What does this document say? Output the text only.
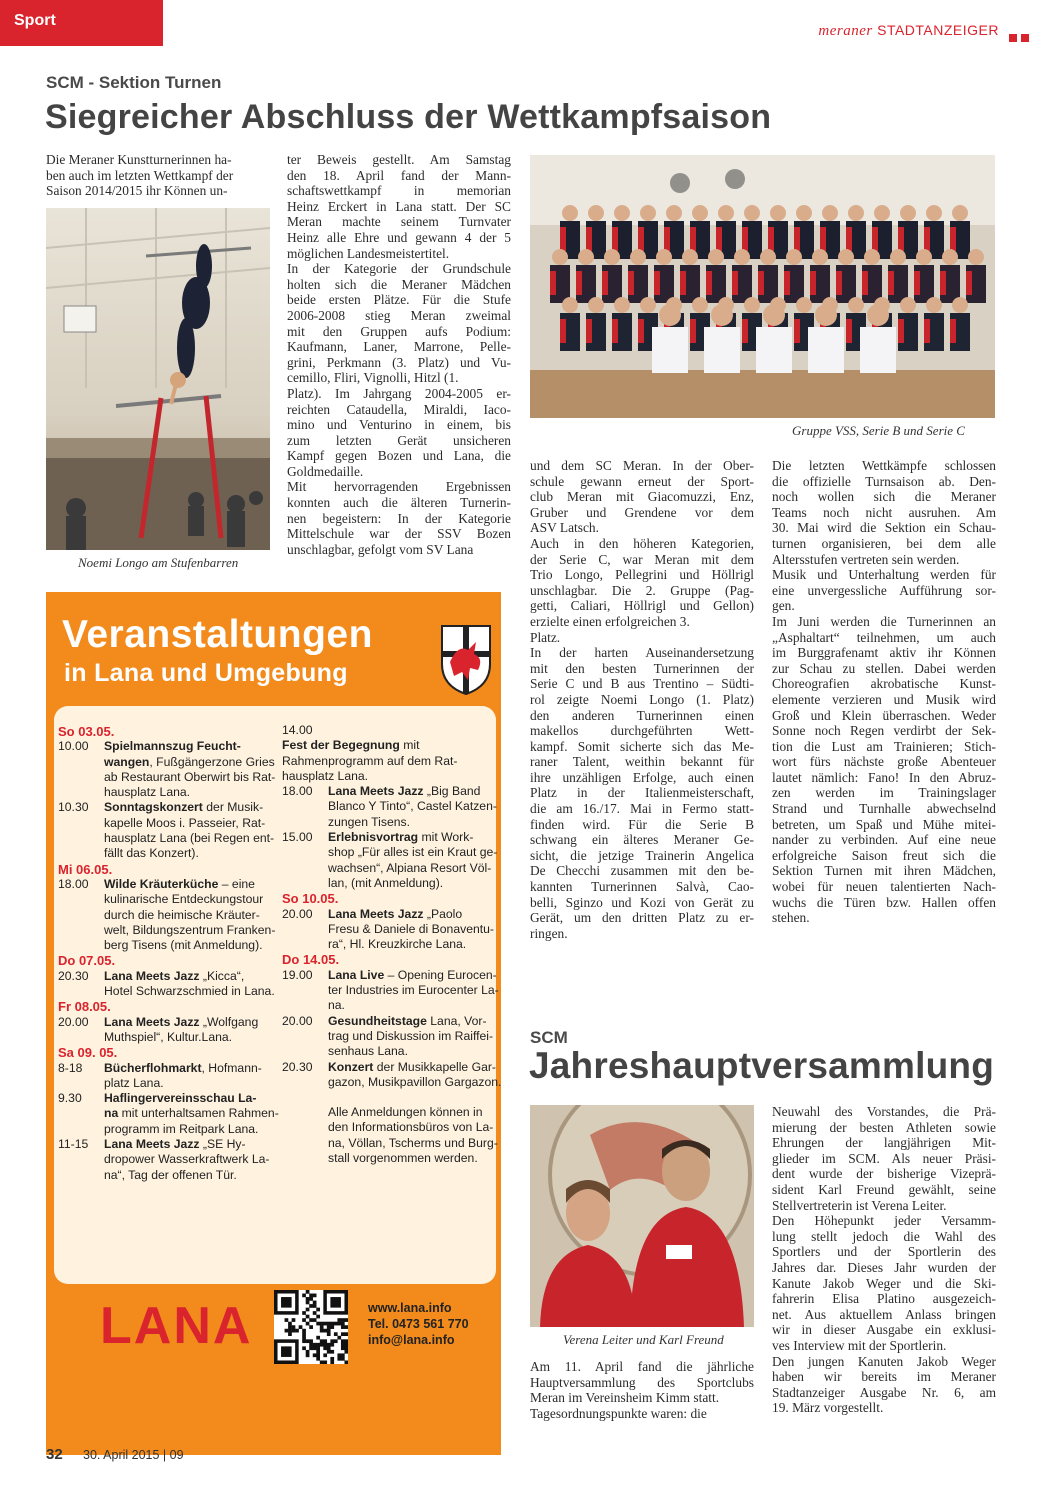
Sport
meraner STADTANZEIGER
SCM - Sektion Turnen
Siegreicher Abschluss der Wettkampfsaison
Die Meraner Kunstturnerinnen ha-
ben auch im letzten Wettkampf der
Saison 2014/2015 ihr Können un-
Noemi Longo am Stufenbarren
ter Beweis gestellt. Am Samstag
den 18. April fand der Mann-
schaftswettkampf in memorian
Heinz Erckert in Lana statt. Der SC
Meran machte seinem Turnvater
Heinz alle Ehre und gewann 4 der 5
möglichen Landesmeistertitel.
In der Kategorie der Grundschule
holten sich die Meraner Mädchen
beide ersten Plätze. Für die Stufe
2006-2008 stieg Meran zweimal
mit den Gruppen aufs Podium:
Kaufmann, Laner, Marrone, Pelle-
grini, Perkmann (3. Platz) und Vu-
cemillo, Fliri, Vignolli, Hitzl (1.
Platz). Im Jahrgang 2004-2005 er-
reichten Cataudella, Miraldi, Iaco-
mino und Venturino in einem, bis
zum letzten Gerät unsicheren
Kampf gegen Bozen und Lana, die
Goldmedaille.
Mit hervorragenden Ergebnissen
konnten auch die älteren Turnerin-
nen begeistern: In der Kategorie
Mittelschule war der SSV Bozen
unschlagbar, gefolgt vom SV Lana
Gruppe VSS, Serie B und Serie C
und dem SC Meran. In der Ober-
schule gewann erneut der Sport-
club Meran mit Giacomuzzi, Enz,
Gruber und Grendene vor dem
ASV Latsch.
Auch in den höheren Kategorien,
der Serie C, war Meran mit dem
Trio Longo, Pellegrini und Höllrigl
unschlagbar. Die 2. Gruppe (Pag-
getti, Caliari, Höllrigl und Gellon)
erzielte einen erfolgreichen 3.
Platz.
In der harten Auseinandersetzung
mit den besten Turnerinnen der
Serie C und B aus Trentino – Südti-
rol zeigte Noemi Longo (1. Platz)
den anderen Turnerinnen einen
makellos durchgeführten Wett-
kampf. Somit sicherte sich das Me-
raner Talent, weithin bekannt für
ihre unzähligen Erfolge, auch einen
Platz in der Italienmeisterschaft,
die am 16./17. Mai in Fermo statt-
finden wird. Für die Serie B
schwang ein älteres Meraner Ge-
sicht, die jetzige Trainerin Angelica
De Checchi zusammen mit den be-
kannten Turnerinnen Salvà, Cao-
belli, Sginzo und Kozi von Gerät zu
Gerät, um den dritten Platz zu er-
ringen.
Die letzten Wettkämpfe schlossen
die offizielle Turnsaison ab. Den-
noch wollen sich die Meraner
Teams noch nicht ausruhen. Am
30. Mai wird die Sektion ein Schau-
turnen organisieren, bei dem alle
Altersstufen vertreten sein werden.
Musik und Unterhaltung werden für
eine unvergessliche Aufführung sor-
gen.
Im Juni werden die Turnerinnen an
„Asphaltart“ teilnehmen, um auch
im Burggrafenamt aktiv ihr Können
zur Schau zu stellen. Dabei werden
Choreografien akrobatische Kunst-
elemente verzieren und Musik wird
Groß und Klein überraschen. Weder
Sonne noch Regen verdirbt der Sek-
tion die Lust am Trainieren; Stich-
wort fürs nächste große Abenteuer
lautet nämlich: Fano! In den Abruz-
zen werden im Trainingslager
Strand und Turnhalle abwechselnd
betreten, um Spaß und Mühe mitei-
nander zu verbinden. Auf eine neue
erfolgreiche Saison freut sich die
Sektion Turnen mit ihren Mädchen,
wobei für neuen talentierten Nach-
wuchs die Türen bzw. Hallen offen
stehen.
Veranstaltungen
in Lana und Umgebung
So 03.05.
10.00 Spielmannszug Feucht-
wangen, Fußgängerzone Gries
ab Restaurant Oberwirt bis Rat-
hausplatz Lana.
10.30 Sonntagskonzert der Musik-
kapelle Moos i. Passeier, Rat-
hausplatz Lana (bei Regen ent-
fällt das Konzert).
Mi 06.05.
18.00 Wilde Kräuterküche – eine
kulinarische Entdeckungstour
durch die heimische Kräuter-
welt, Bildungszentrum Franken-
berg Tisens (mit Anmeldung).
Do 07.05.
20.30 Lana Meets Jazz „Kicca“,
Hotel Schwarzschmied in Lana.
Fr 08.05.
20.00 Lana Meets Jazz „Wolfgang
Muthspiel“, Kultur.Lana.
Sa 09. 05.
8-18 Bücherflohmarkt, Hofmann-
platz Lana.
9.30 Haflingervereinsschau La-
na mit unterhaltsamen Rahmen-
programm im Reitpark Lana.
11-15 Lana Meets Jazz „SE Hy-
dropower Wasserkraftwerk La-
na“, Tag der offenen Tür.
14.00Fest der Begegnung mit
Rahmenprogramm auf dem Rat-
hausplatz Lana.
18.00 Lana Meets Jazz „Big Band
Blanco Y Tinto“, Castel Katzen-
zungen Tisens.
15.00 Erlebnisvortrag mit Work-
shop „Für alles ist ein Kraut ge-
wachsen“, Alpiana Resort Völ-
lan, (mit Anmeldung).
So 10.05.
20.00 Lana Meets Jazz „Paolo
Fresu & Daniele di Bonaventu-
ra“, Hl. Kreuzkirche Lana.
Do 14.05.
19.00 Lana Live – Opening Eurocen-
ter Industries im Eurocenter La-
na.
20.00 Gesundheitstage Lana, Vor-
trag und Diskussion im Raiffei-
senhaus Lana.
20.30 Konzert der Musikkapelle Gar-
gazon, Musikpavillon Gargazon.
Alle Anmeldungen können in
den Informationsbüros von La-
na, Völlan, Tscherms und Burg-
stall vorgenommen werden.
LANA	www.lana.info
Tel. 0473 561 770
info@lana.info
SCM
Jahreshauptversammlung
Verena Leiter und Karl Freund
Am 11. April fand die jährliche
Hauptversammlung des Sportclubs
Meran im Vereinsheim Kimm statt.
Tagesordnungspunkte waren: die
Neuwahl des Vorstandes, die Prä-
mierung der besten Athleten sowie
Ehrungen der langjährigen Mit-
glieder im SCM. Als neuer Präsi-
dent wurde der bisherige Vizeprä-
sident Karl Freund gewählt, seine
Stellvertreterin ist Verena Leiter.
Den Höhepunkt jeder Versamm-
lung stellt jedoch die Wahl des
Sportlers und der Sportlerin des
Jahres dar. Dieses Jahr wurden der
Kanute Jakob Weger und die Ski-
fahrerin Elisa Platino ausgezeich-
net. Aus aktuellem Anlass bringen
wir in dieser Ausgabe ein exklusi-
ves Interview mit der Sportlerin.
Den jungen Kanuten Jakob Weger
haben wir bereits im Meraner
Stadtanzeiger Ausgabe Nr. 6, am
19. März vorgestellt.
32 30. April 2015 | 09
